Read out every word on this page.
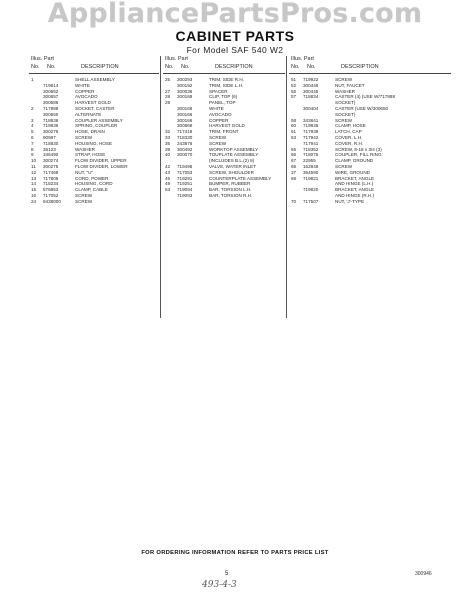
AppliancePartsPros.com
CABINET PARTS
For Model SAF 540 W2
Illus. Part
No. No.	DESCRIPTION
1	SHELL ASSEMBLY
719814	WHITE
300652	COPPER
300657	AVOCADO
300686	HARVEST GOLD
2 717888	SOCKET, CASTER
300650	ALTERNATE
3 718836	COUPLER ASSEMBLY
4 719836	SPRING, COUPLER
5 300276	HOSE, DRAIN
6 90987	SCREW
7 718830	HOUSING, HOSE
8 36123	WASHER
9 346490	STRAP, HOSE
10 300274	FLOW DIVIDER, UPPER
11 300275	FLOW DIVIDER, LOWER
12 717468	NUT, "U"
13 717809	CORD, POWER
14 718234	HOUSING, CORD
15 576853	CLAMP, CABLE
16 717052	SCREW
24 9438000	SCREW
Illus. Part
No. No.	DESCRIPTION
25 300293	TRIM, SIDE R.H.
300192	TRIM, SIDE L.H.
27 300036	SPACER
28 300168	CLIP, TOP (6)
29	PANEL, TOP
300166	WHITE
300166	AVOCADO
300166	COPPER
300669	HARVEST GOLD
32 717418	TRIM, FRONT
33 718330	SCREW
35 343876	SCREW
39 300492	WORKTOP ASSEMBLY
40 300070	TOUPLATE ASSEMBLY
(INCLUDES B.L.(2) 8)
42 719495	VALVE, WATER INLET
43 717053	SCREW, SHOULDER
45 719291	COUNTERPLATE ASSEMBLY
49 719251	BUMPER, RUBBER
53 719094	BAR, TORSION L.H.
719093	BAR, TORSION R.H.
Illus. Part
No. No.	DESCRIPTION
51 719922	SCREW
52 300446	NUT, FAUCET
55 300445	WASHER
57 718834	CASTER (4) (USE W/717888
SOCKET)
300404	CASTER (USE W/300650
SOCKET)
58 343841	SCREW
60 719935	CLAMP, HOSE
61 717939	LATCH, CAP
63 717942	COVER, L.H.
717941	COVER, R.H.
65 718352	SCREW, 8-18 x 3/4 (3)
66 718075	COUPLER, FILL RING
67 22955	CLAMP, GROUND
68 152848	SCREW
37 364590	WIRE, GROUND
68 719821	BRACKET, ANGLE
AND HINGE (L.H.)
719820	BRACKET, ANGLE
AND HINGE (R.H.)
70 717507	NUT, 'J'-TYPE
FOR ORDERING INFORMATION REFER TO PARTS PRICE LIST
5	300946
493-4-3
